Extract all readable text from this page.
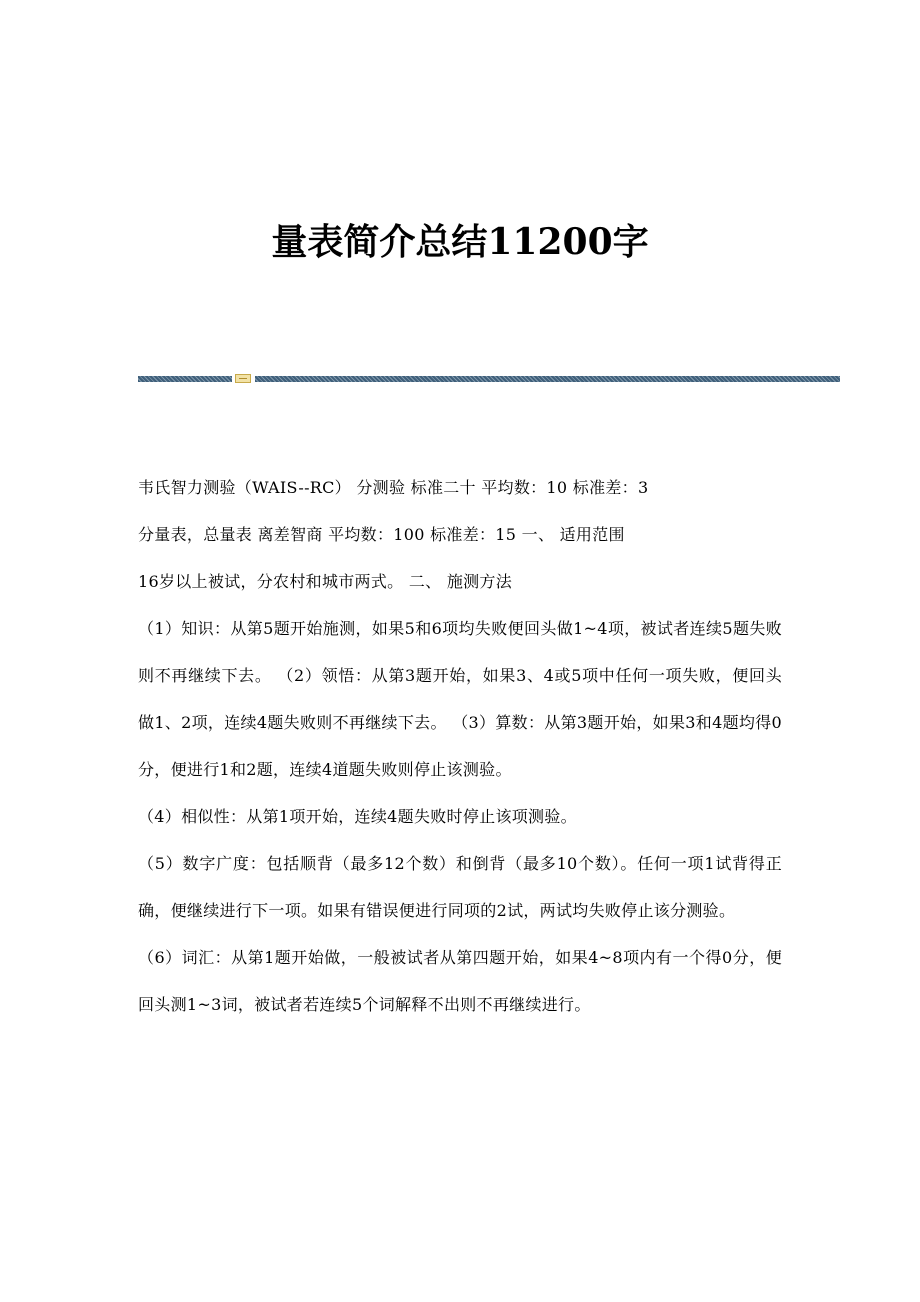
量表简介总结11200字

韦氏智力测验（WAIS--RC） 分测验 标准二十 平均数：10 标准差：3

分量表，总量表 离差智商 平均数：100 标准差：15 一、 适用范围

16岁以上被试，分农村和城市两式。 二、 施测方法

（1）知识：从第5题开始施测，如果5和6项均失败便回头做1~4项，被试者连续5题失败则不再继续下去。 （2）领悟：从第3题开始，如果3、4或5项中任何一项失败，便回头做1、2项，连续4题失败则不再继续下去。 （3）算数：从第3题开始，如果3和4题均得0分，便进行1和2题，连续4道题失败则停止该测验。

（4）相似性：从第1项开始，连续4题失败时停止该项测验。

（5）数字广度：包括顺背（最多12个数）和倒背（最多10个数）。任何一项1试背得正确，便继续进行下一项。如果有错误便进行同项的2试，两试均失败停止该分测验。

（6）词汇：从第1题开始做，一般被试者从第四题开始，如果4~8项内有一个得0分，便回头测1~3词，被试者若连续5个词解释不出则不再继续进行。
